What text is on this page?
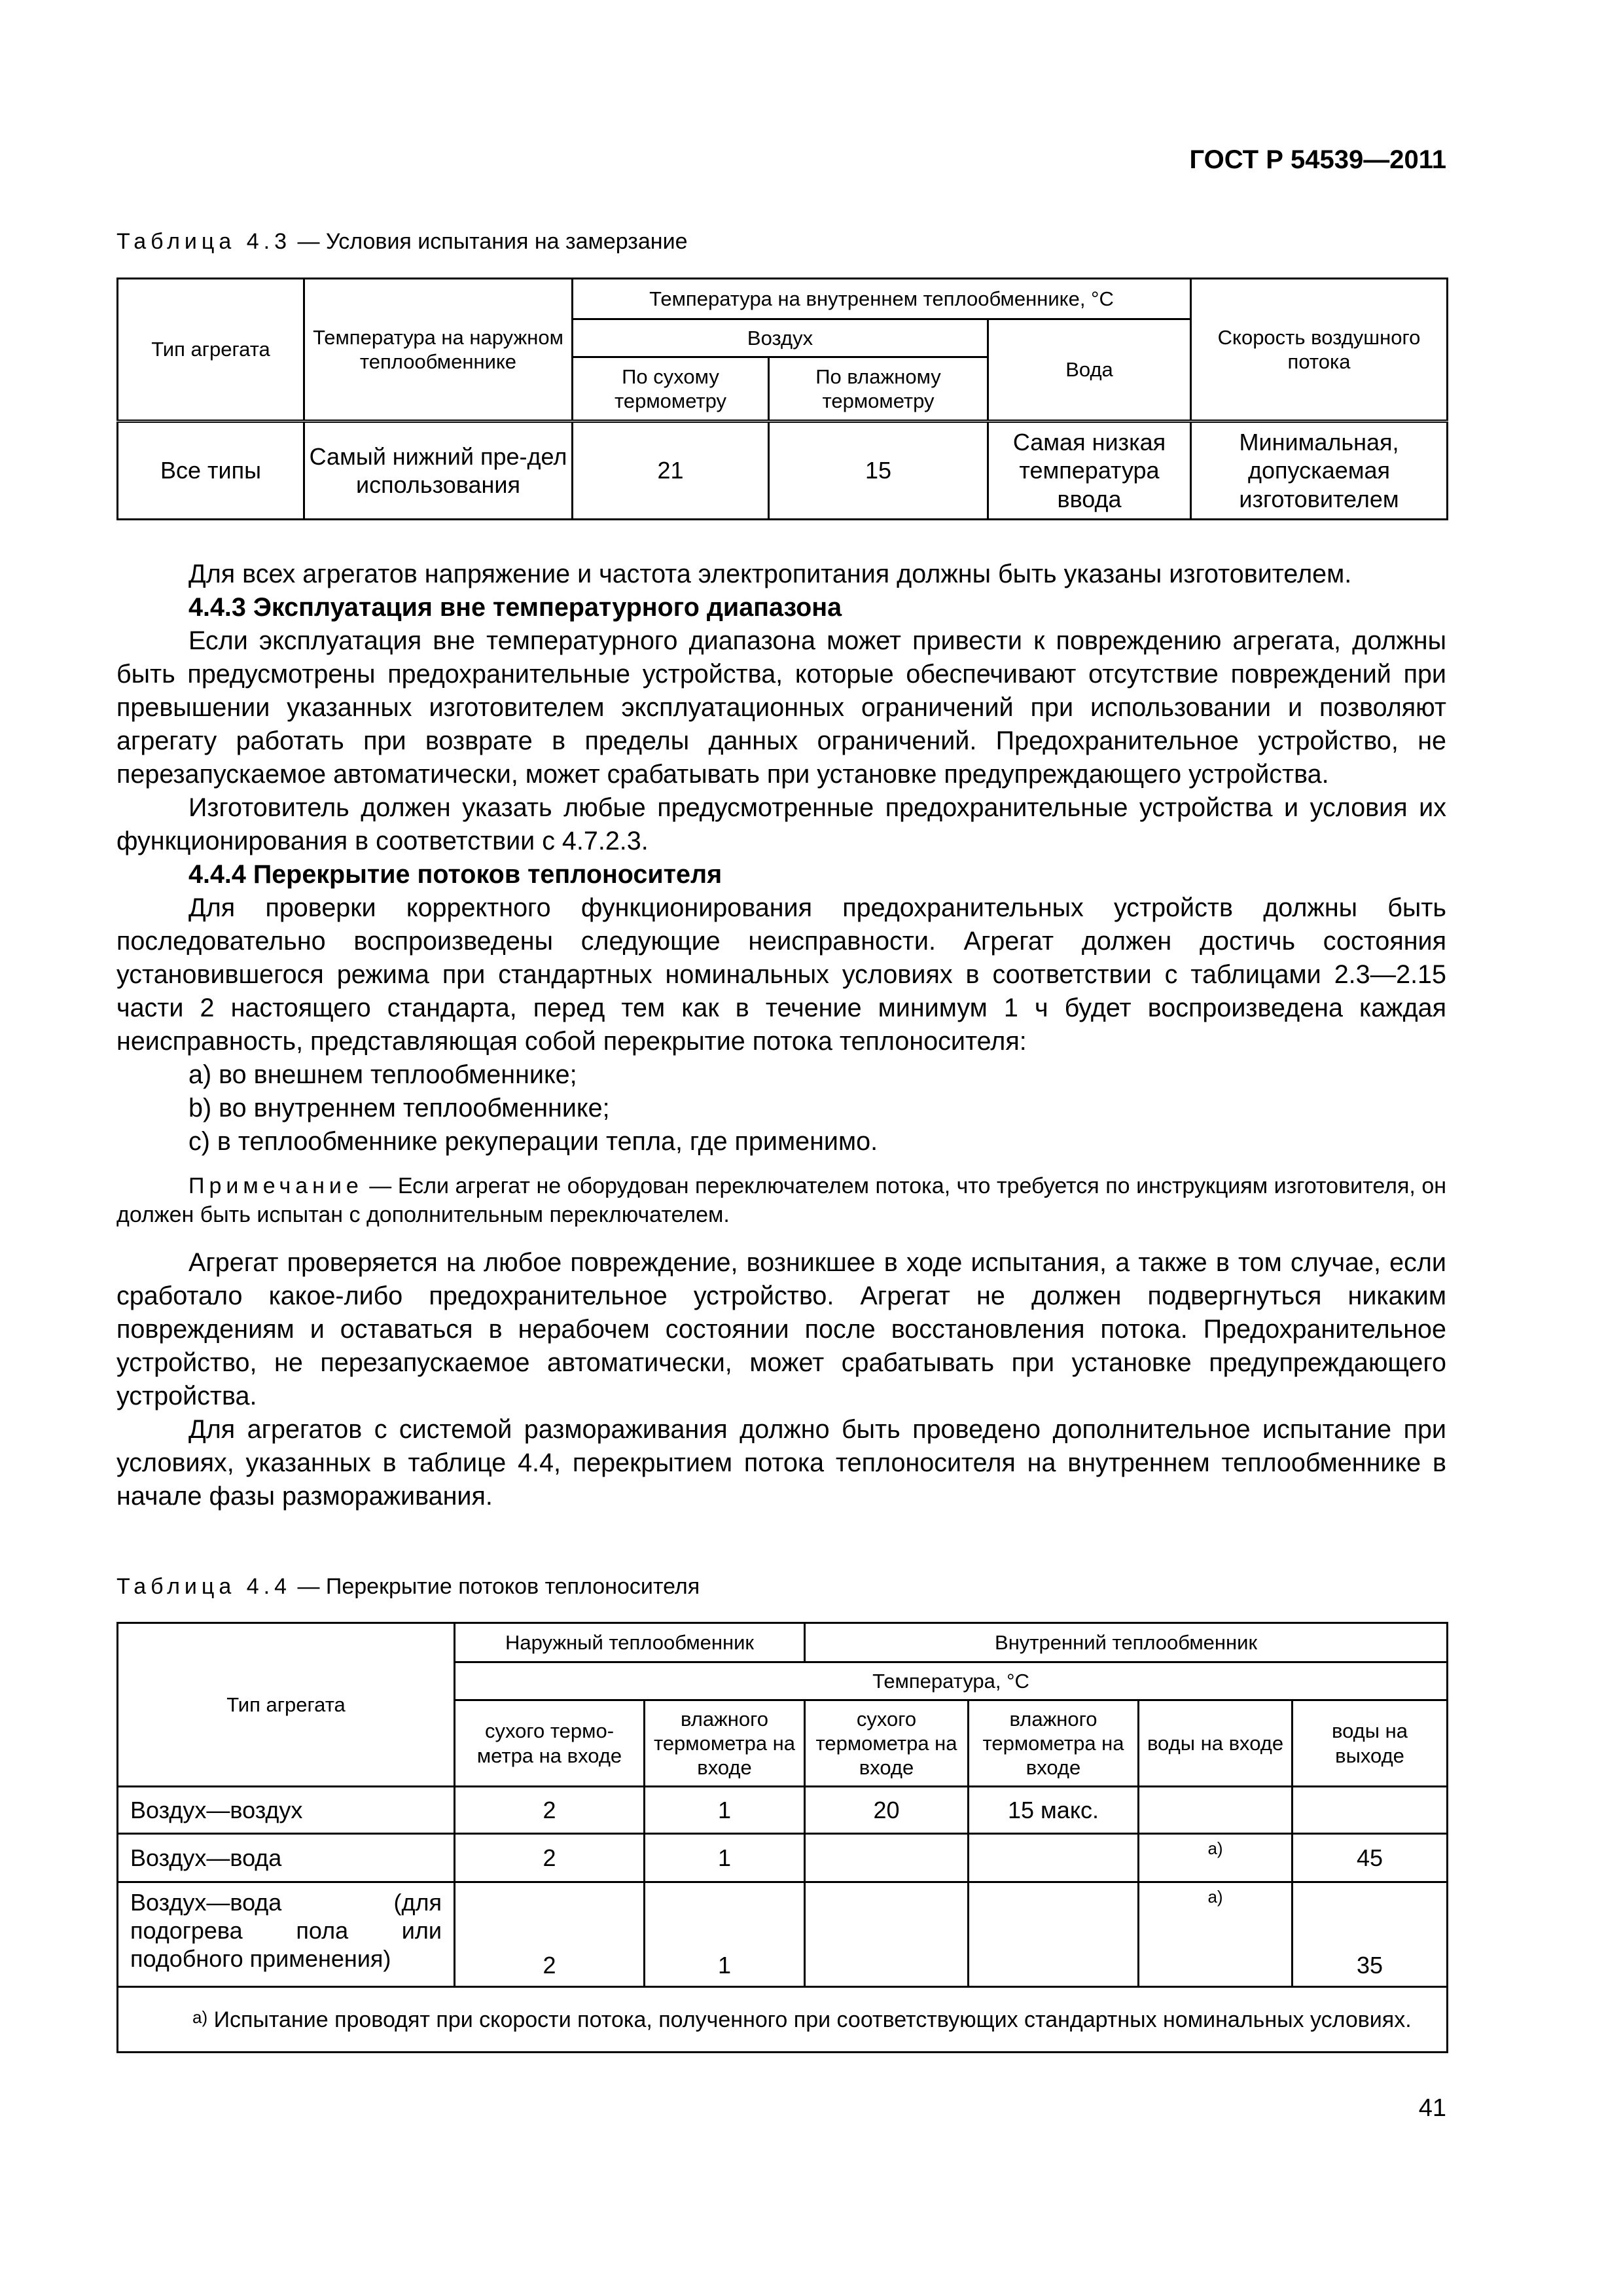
ГОСТ Р 54539—2011
Таблица 4.3 — Условия испытания на замерзание
Тип агрегата	Температура на наружном теплообменнике	Температура на внутреннем теплообменнике, °С			Скорость воздушного потока
		Воздух		Вода	
		По сухому термометру	По влажному термометру		
Все типы	Самый нижний пре-дел использования	21	15	Самая низкая температура ввода	Минимальная, допускаемая изготовителем

Для всех агрегатов напряжение и частота электропитания должны быть указаны изготовителем.

4.4.3 Эксплуатация вне температурного диапазона

Если эксплуатация вне температурного диапазона может привести к повреждению агрегата, должны быть предусмотрены предохранительные устройства, которые обеспечивают отсутствие повреждений при превышении указанных изготовителем эксплуатационных ограничений при использовании и позволяют агрегату работать при возврате в пределы данных ограничений. Предохранительное устройство, не перезапускаемое автоматически, может срабатывать при установке предупреждающего устройства.

Изготовитель должен указать любые предусмотренные предохранительные устройства и условия их функционирования в соответствии с 4.7.2.3.

4.4.4 Перекрытие потоков теплоносителя

Для проверки корректного функционирования предохранительных устройств должны быть последовательно воспроизведены следующие неисправности. Агрегат должен достичь состояния установившегося режима при стандартных номинальных условиях в соответствии с таблицами 2.3—2.15 части 2 настоящего стандарта, перед тем как в течение минимум 1 ч будет воспроизведена каждая неисправность, представляющая собой перекрытие потока теплоносителя:

а) во внешнем теплообменнике;

b) во внутреннем теплообменнике;

c) в теплообменнике рекуперации тепла, где применимо.

Примечание — Если агрегат не оборудован переключателем потока, что требуется по инструкциям изготовителя, он должен быть испытан с дополнительным переключателем.

Агрегат проверяется на любое повреждение, возникшее в ходе испытания, а также в том случае, если сработало какое-либо предохранительное устройство. Агрегат не должен подвергнуться никаким повреждениям и оставаться в нерабочем состоянии после восстановления потока. Предохранительное устройство, не перезапускаемое автоматически, может срабатывать при установке предупреждающего устройства.

Для агрегатов с системой размораживания должно быть проведено дополнительное испытание при условиях, указанных в таблице 4.4, перекрытием потока теплоносителя на внутреннем теплообменнике в начале фазы размораживания.

Таблица 4.4 — Перекрытие потоков теплоносителя
Тип агрегата	Наружный теплообменник		Внутренний теплообменник			
	Температура, °С					
	сухого термо-метра на входе	влажного термометра на входе	сухого термометра на входе	влажного термометра на входе	воды на входе	воды на выходе
Воздух—воздух	2	1	20	15 макс.		
Воздух—вода	2	1			$^{а)}$	45
Воздух—вода (для подогрева пола или подобного применения)	2	1			$^{а)}$	35
$^{а)}$ Испытание проводят при скорости потока, полученного при соответствующих стандартных номинальных условиях.						
41
